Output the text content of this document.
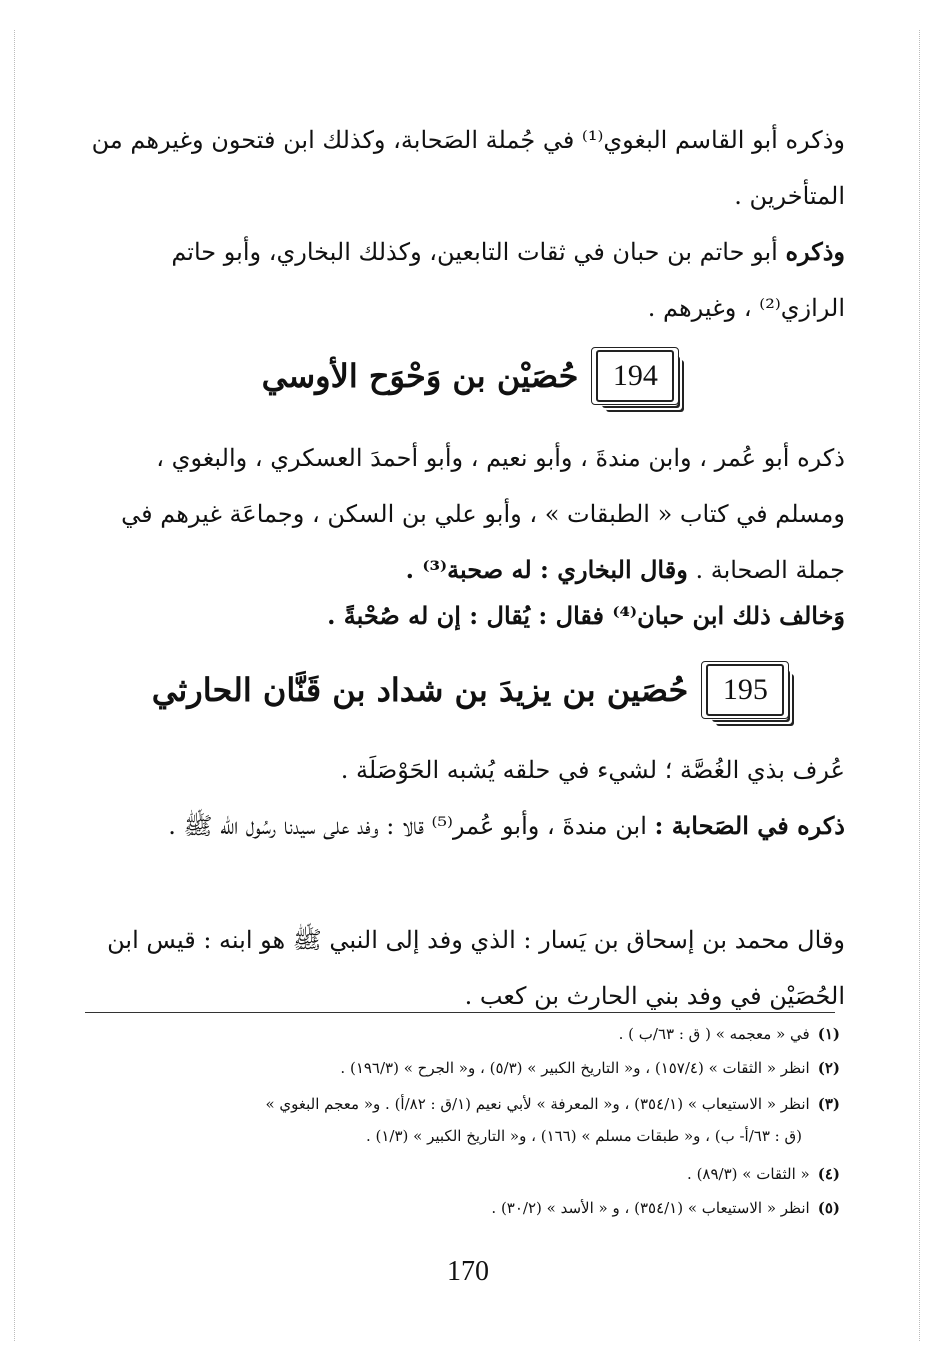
وذكره أبو القاسم البغوي⁽¹⁾ في جُملة الصَحابة، وكذلك ابن فتحون وغيرهم من المتأخرين .
وذكره أبو حاتم بن حبان في ثقات التابعين، وكذلك البخاري، وأبو حاتم الرازي⁽²⁾ ، وغيرهم .
194
حُصَيْن بن وَحْوَح الأوسي
ذكره أبو عُمر ، وابن مندةَ ، وأبو نعيم ، وأبو أحمدَ العسكري ، والبغوي ، ومسلم في كتاب « الطبقات » ، وأبو علي بن السكن ، وجماعَة غيرهم في جملة الصحابة . وقال البخاري : له صحبة⁽³⁾ .
وَخالف ذلك ابن حبان⁽⁴⁾ فقال : يُقال : إن له صُحْبةً .
195
حُصَين بن يزيدَ بن شداد بن قَنَّان الحارثي
عُرف بذي الغُصَّة ؛ لشيء في حلقه يُشبه الحَوْصَلَة .
ذكره في الصَحابة : ابن مندةَ ، وأبو عُمر⁽⁵⁾ قالا : وفد على سيدنا رسُول الله ﷺ .
وقال محمد بن إسحاق بن يَسار : الذي وفد إلى النبي ﷺ هو ابنه : قيس ابن الحُصَيْن في وفد بني الحارث بن كعب .
(١)في « معجمه » ( ق : ٦٣/ب ) .
(٢)انظر « الثقات » (١٥٧/٤) ، و« التاريخ الكبير » (٥/٣) ، و« الجرح » (١٩٦/٣) .
(٣)انظر « الاستيعاب » (٣٥٤/١) ، و« المعرفة » لأبي نعيم (١/ق : ٨٢/أ) . و« معجم البغوي »
(ق : ٦٣/أ- ب) ، و« طبقات مسلم » (١٦٦) ، و« التاريخ الكبير » (١/٣) .
(٤)« الثقات » (٨٩/٣) .
(٥)انظر « الاستيعاب » (٣٥٤/١) ، و « الأسد » (٣٠/٢) .
170
